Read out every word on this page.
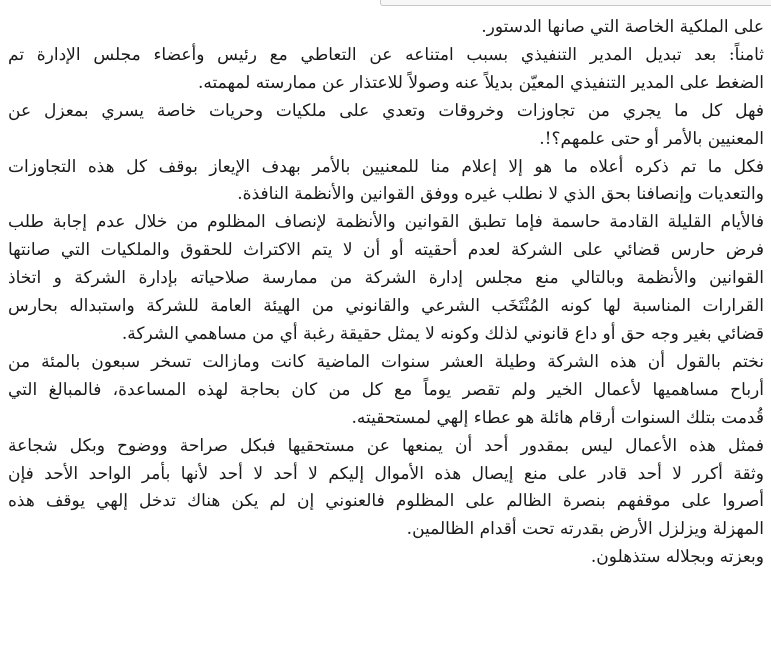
على الملكية الخاصة التي صانها الدستور.

ثامناً: بعد تبديل المدير التنفيذي بسبب امتناعه عن التعاطي مع رئيس وأعضاء مجلس الإدارة تم
الضغط على المدير التنفيذي المعيّن بديلاً عنه وصولاً للاعتذار عن ممارسته لمهمته.

فهل كل ما يجري من تجاوزات وخروقات وتعدي على ملكيات وحريات خاصة يسري بمعزل عن
المعنيين بالأمر أو حتى علمهم؟!.

فكل ما تم ذكره أعلاه ما هو إلا إعلام منا للمعنيين بالأمر بهدف الإيعاز بوقف كل هذه التجاوزات
والتعديات وإنصافنا بحق الذي لا نطلب غيره ووفق القوانين والأنظمة النافذة.

فالأيام القليلة القادمة حاسمة فإما تطبق القوانين والأنظمة لإنصاف المظلوم من خلال عدم إجابة طلب
فرض حارس قضائي على الشركة لعدم أحقيته أو أن لا يتم الاكتراث للحقوق والملكيات التي صانتها
القوانين والأنظمة وبالتالي منع مجلس إدارة الشركة من ممارسة صلاحياته بإدارة الشركة و اتخاذ
القرارات المناسبة لها كونه المُنْتَخَب الشرعي والقانوني من الهيئة العامة للشركة واستبداله بحارس
قضائي بغير وجه حق أو داع قانوني لذلك وكونه لا يمثل حقيقة رغبة أي من مساهمي الشركة.

نختم بالقول أن هذه الشركة وطيلة العشر سنوات الماضية كانت ومازالت تسخر سبعون بالمئة من
أرباح مساهميها لأعمال الخير ولم تقصر يوماً مع كل من كان بحاجة لهذه المساعدة، فالمبالغ التي
قُدمت بتلك السنوات أرقام هائلة هو عطاء إلهي لمستحقيته.

فمثل هذه الأعمال ليس بمقدور أحد أن يمنعها عن مستحقيها فبكل صراحة ووضوح وبكل شجاعة
وثقة أكرر لا أحد قادر على منع إيصال هذه الأموال إليكم لا أحد لا أحد لأنها بأمر الواحد الأحد فإن
أصروا على موقفهم بنصرة الظالم على المظلوم فالعنوني إن لم يكن هناك تدخل إلهي يوقف هذه
المهزلة ويزلزل الأرض بقدرته تحت أقدام الظالمين.

وبعزته وبجلاله ستذهلون.
